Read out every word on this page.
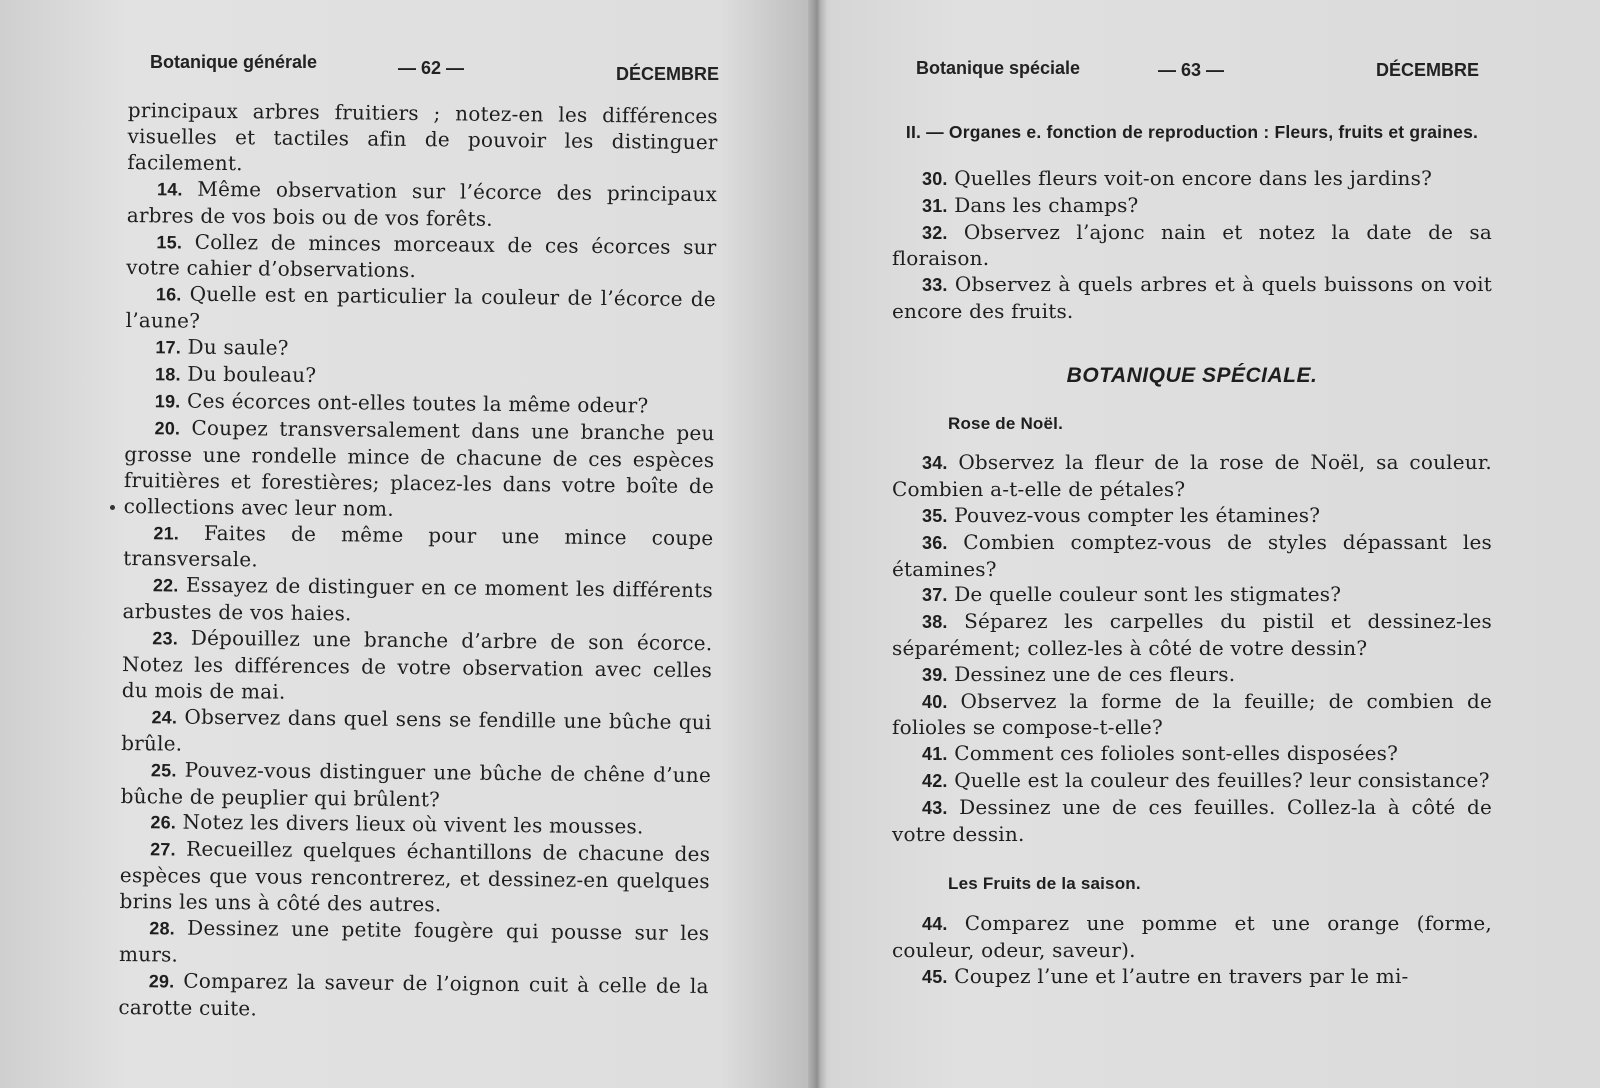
Botanique générale	— 62 —	DÉCEMBRE

principaux arbres fruitiers ; notez-en les différences visuelles et tactiles afin de pouvoir les distinguer facilement.

14. Même observation sur l’écorce des principaux arbres de vos bois ou de vos forêts.

15. Collez de minces morceaux de ces écorces sur votre cahier d’observations.

16. Quelle est en particulier la couleur de l’écorce de l’aune?

17. Du saule?

18. Du bouleau?

19. Ces écorces ont-elles toutes la même odeur?

20. Coupez transversalement dans une branche peu grosse une rondelle mince de chacune de ces espèces fruitières et forestières; placez-les dans votre boîte de collections avec leur nom.

21. Faites de même pour une mince coupe transversale.

22. Essayez de distinguer en ce moment les différents arbustes de vos haies.

23. Dépouillez une branche d’arbre de son écorce. Notez les différences de votre observation avec celles du mois de mai.

24. Observez dans quel sens se fendille une bûche qui brûle.

25. Pouvez-vous distinguer une bûche de chêne d’une bûche de peuplier qui brûlent?

26. Notez les divers lieux où vivent les mousses.

27. Recueillez quelques échantillons de chacune des espèces que vous rencontrerez, et dessinez-en quelques brins les uns à côté des autres.

28. Dessinez une petite fougère qui pousse sur les murs.

29. Comparez la saveur de l’oignon cuit à celle de la carotte cuite.

Botanique spéciale	— 63 —	DÉCEMBRE
II. — Organes e. fonction de reproduction : Fleurs, fruits et graines.

30. Quelles fleurs voit-on encore dans les jardins?

31. Dans les champs?

32. Observez l’ajonc nain et notez la date de sa floraison.

33. Observez à quels arbres et à quels buissons on voit encore des fruits.

BOTANIQUE SPÉCIALE.
Rose de Noël.

34. Observez la fleur de la rose de Noël, sa couleur. Combien a-t-elle de pétales?

35. Pouvez-vous compter les étamines?

36. Combien comptez-vous de styles dépassant les étamines?

37. De quelle couleur sont les stigmates?

38. Séparez les carpelles du pistil et dessinez-les séparément; collez-les à côté de votre dessin?

39. Dessinez une de ces fleurs.

40. Observez la forme de la feuille; de combien de folioles se compose-t-elle?

41. Comment ces folioles sont-elles disposées?

42. Quelle est la couleur des feuilles? leur consistance?

43. Dessinez une de ces feuilles. Collez-la à côté de votre dessin.

Les Fruits de la saison.

44. Comparez une pomme et une orange (forme, couleur, odeur, saveur).

45. Coupez l’une et l’autre en travers par le mi-
